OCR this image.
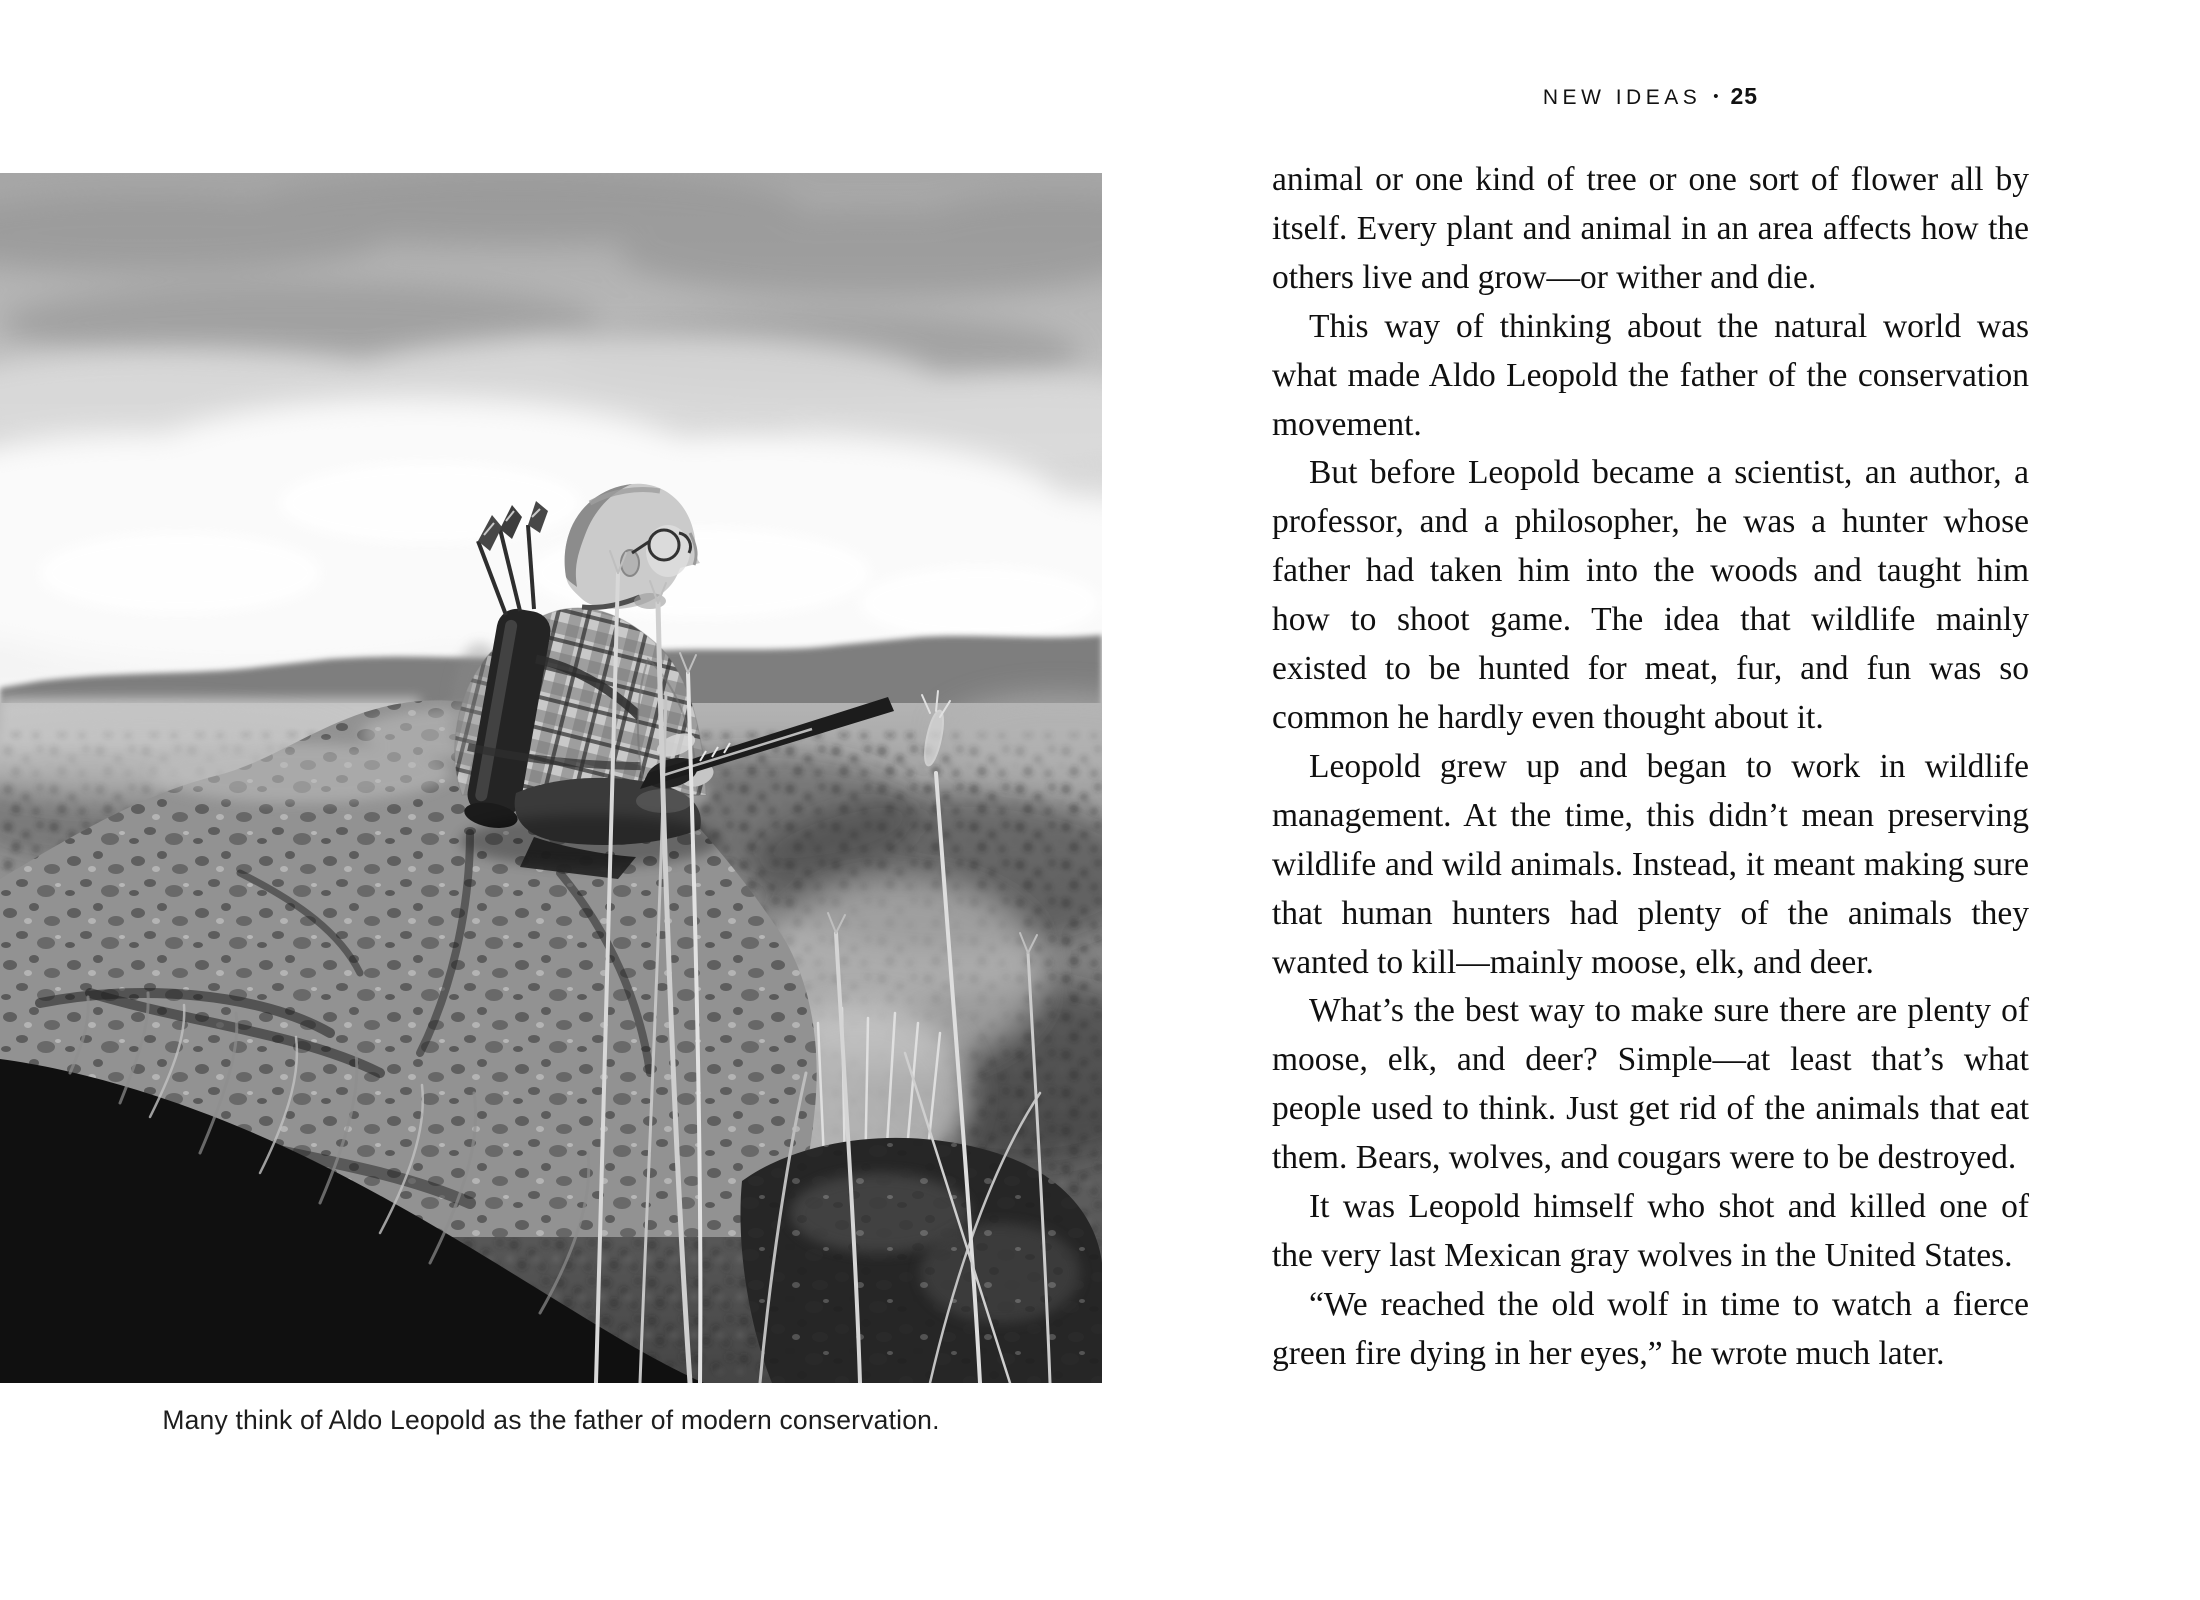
NEW IDEAS • 25
Many think of Aldo Leopold as the father of modern conservation.

animal or one kind of tree or one sort of flower all by itself. Every plant and animal in an area affects how the others live and grow—or wither and die.

This way of thinking about the natural world was what made Aldo Leopold the father of the conservation movement.

But before Leopold became a scientist, an author, a professor, and a philosopher, he was a hunter whose father had taken him into the woods and taught him how to shoot game. The idea that wildlife mainly existed to be hunted for meat, fur, and fun was so common he hardly even thought about it.

Leopold grew up and began to work in wildlife management. At the time, this didn’t mean preserving wildlife and wild animals. Instead, it meant making sure that human hunters had plenty of the animals they wanted to kill—mainly moose, elk, and deer.

What’s the best way to make sure there are plenty of moose, elk, and deer? Simple—at least that’s what people used to think. Just get rid of the animals that eat them. Bears, wolves, and cougars were to be destroyed.

It was Leopold himself who shot and killed one of the very last Mexican gray wolves in the United States.

“We reached the old wolf in time to watch a fierce green fire dying in her eyes,” he wrote much later.
